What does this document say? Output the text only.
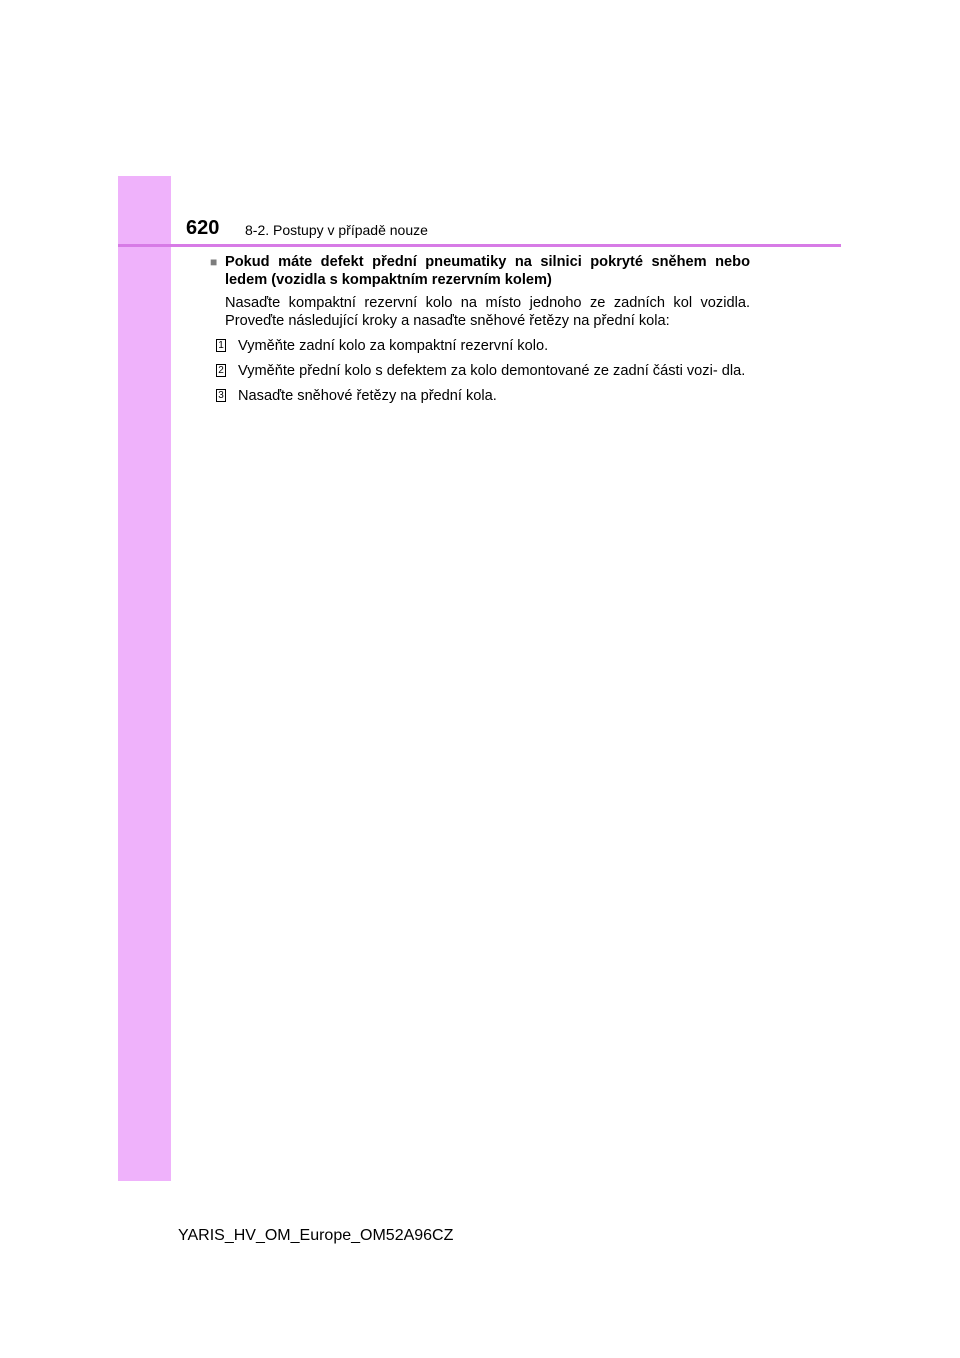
620 8-2. Postupy v případě nouze
■ Pokud máte defekt přední pneumatiky na silnici pokryté sněhem nebo ledem (vozidla s kompaktním rezervním kolem)
Nasaďte kompaktní rezervní kolo na místo jednoho ze zadních kol vozidla. Proveďte následující kroky a nasaďte sněhové řetězy na přední kola:
1 Vyměňte zadní kolo za kompaktní rezervní kolo.
2 Vyměňte přední kolo s defektem za kolo demontované ze zadní části vozi- dla.
3 Nasaďte sněhové řetězy na přední kola.
YARIS_HV_OM_Europe_OM52A96CZ
